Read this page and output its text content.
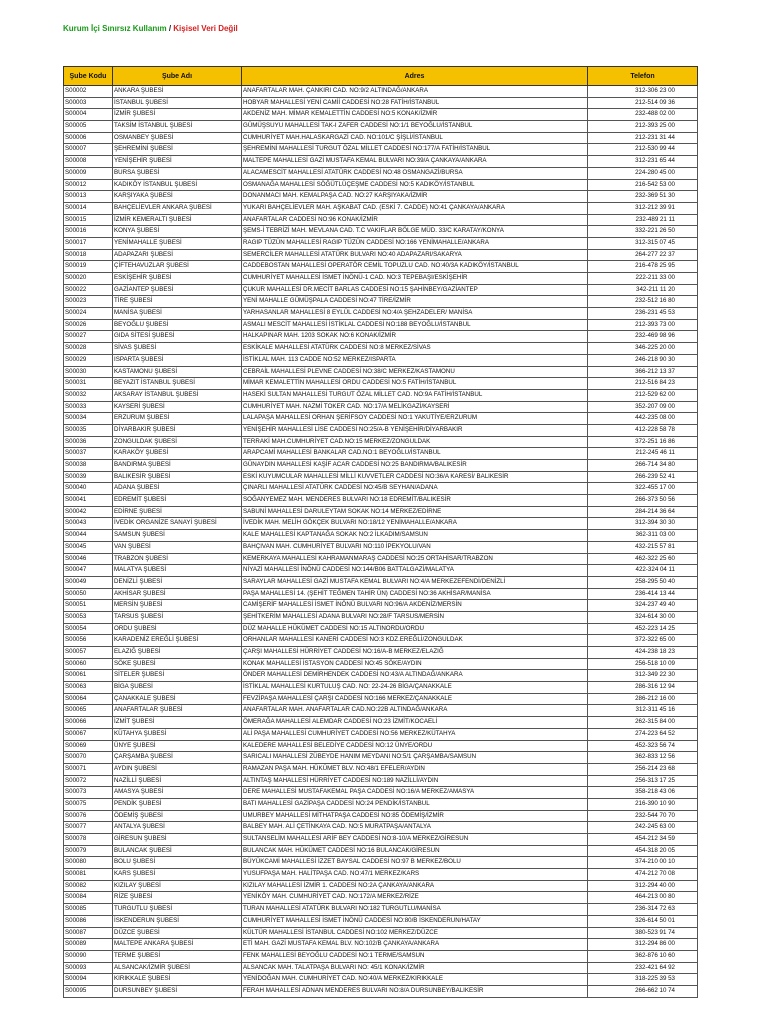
Kurum İçi Sınırsız Kullanım / Kişisel Veri Değil
Şube Kodu	Şube Adı	Adres	Telefon
S00002	ANKARA ŞUBESİ	ANAFARTALAR MAH. ÇANKIRI CAD. NO:9/2 ALTINDAĞ/ANKARA	312-306 23 00
S00003	İSTANBUL ŞUBESİ	HOBYAR MAHALLESİ YENİ CAMİİ CADDESİ NO:28 FATİH/İSTANBUL	212-514 09 36
S00004	İZMİR ŞUBESİ	AKDENİZ MAH. MİMAR KEMALETTİN CADDESİ NO:5 KONAK/İZMİR	232-488 02 00
S00005	TAKSİM İSTANBUL ŞUBESİ	GÜMÜŞSUYU MAHALLESİ TAK-I ZAFER CADDESİ NO:1/1 BEYOĞLU/İSTANBUL	212-393 25 00
S00006	OSMANBEY ŞUBESİ	CUMHURİYET MAH.HALASKARGAZİ CAD. NO:101/C ŞİŞLİ/İSTANBUL	212-231 31 44
S00007	ŞEHREMİNİ ŞUBESİ	ŞEHREMİNİ MAHALLESİ TURGUT ÖZAL MİLLET CADDESİ NO:177/A FATİH/İSTANBUL	212-530 99 44
S00008	YENİŞEHİR ŞUBESİ	MALTEPE MAHALLESİ GAZİ MUSTAFA KEMAL BULVARI NO:39/A ÇANKAYA/ANKARA	312-231 65 44
S00009	BURSA ŞUBESİ	ALACAMESCİT MAHALLESİ ATATÜRK CADDESİ NO:48 OSMANGAZİ/BURSA	224-280 45 00
S00012	KADIKÖY İSTANBUL ŞUBESİ	OSMANAĞA MAHALLESİ SÖĞÜTLÜÇEŞME CADDESİ NO:5 KADIKÖY/İSTANBUL	216-542 53 00
S00013	KARŞIYAKA ŞUBESİ	DONANMACI MAH. KEMALPAŞA CAD. NO:27 KARŞIYAKA/İZMİR	232-369 51 30
S00014	BAHÇELİEVLER ANKARA ŞUBESİ	YUKARI BAHÇELİEVLER MAH. AŞKABAT CAD. (ESKİ 7. CADDE) NO:41 ÇANKAYA/ANKARA	312-212 39 91
S00015	İZMİR KEMERALTI ŞUBESİ	ANAFARTALAR CADDESİ NO:96 KONAK/İZMİR	232-489 21 11
S00016	KONYA ŞUBESİ	ŞEMS-İ TEBRİZİ MAH. MEVLANA CAD. T.C VAKIFLAR BÖLGE MÜD. 33/C KARATAY/KONYA	332-221 26 50
S00017	YENİMAHALLE ŞUBESİ	RAGIP TÜZÜN MAHALLESİ RAGIP TÜZÜN CADDESİ NO:166 YENİMAHALLE/ANKARA	312-315 07 45
S00018	ADAPAZARI ŞUBESİ	SEMERCİLER MAHALLESİ ATATÜRK BULVARI NO:40 ADAPAZARI/SAKARYA	264-277 22 37
S00019	ÇİFTEHAVUZLAR ŞUBESİ	CADDEBOSTAN MAHALLESİ OPERATÖR CEMİL TOPUZLU CAD. NO:40/3A KADIKÖY/İSTANBUL	216-478 25 95
S00020	ESKİŞEHİR ŞUBESİ	CUMHURİYET MAHALLESİ İSMET İNÖNÜ-1 CAD. NO:3 TEPEBAŞI/ESKİŞEHİR	222-211 33 00
S00022	GAZİANTEP ŞUBESİ	ÇUKUR MAHALLESİ DR.MECİT BARLAS CADDESİ NO:15 ŞAHİNBEY/GAZİANTEP	342-211 11 20
S00023	TİRE ŞUBESİ	YENİ MAHALLE GÜMÜŞPALA CADDESİ NO:47 TİRE/İZMİR	232-512 16 80
S00024	MANİSA ŞUBESİ	YARHASANLAR MAHALLESİ 8 EYLÜL CADDESİ NO:4/A ŞEHZADELER/ MANİSA	236-231 45 53
S00026	BEYOĞLU ŞUBESİ	ASMALI MESCİT MAHALLESİ İSTİKLAL CADDESİ NO:188 BEYOĞLU/İSTANBUL	212-393 73 00
S00027	GIDA SİTESİ ŞUBESİ	HALKAPINAR MAH. 1203 SOKAK NO:6 KONAK/İZMİR	232-469 98 96
S00028	SİVAS ŞUBESİ	ESKİKALE MAHALLESİ ATATÜRK CADDESİ NO:8 MERKEZ/SİVAS	346-225 20 00
S00029	ISPARTA ŞUBESİ	İSTİKLAL MAH. 113 CADDE NO:52 MERKEZ/ISPARTA	246-218 90 30
S00030	KASTAMONU ŞUBESİ	CEBRAİL MAHALLESİ PLEVNE CADDESİ NO:38/C MERKEZ/KASTAMONU	366-212 13 37
S00031	BEYAZIT İSTANBUL ŞUBESİ	MİMAR KEMALETTİN MAHALLESİ ORDU CADDESİ NO:5 FATİH/İSTANBUL	212-516 84 23
S00032	AKSARAY İSTANBUL ŞUBESİ	HASEKİ SULTAN MAHALLESİ TURGUT ÖZAL MİLLET CAD. NO:9A FATİH/İSTANBUL	212-529 62 00
S00033	KAYSERİ ŞUBESİ	CUMHURİYET MAH. NAZMİ TOKER CAD. NO:17/A MELİKGAZİ/KAYSERİ	352-207 09 00
S00034	ERZURUM ŞUBESİ	LALAPAŞA MAHALLESİ ORHAN ŞERİFSOY CADDESİ NO:1 YAKUTİYE/ERZURUM	442-235 08 00
S00035	DİYARBAKIR ŞUBESİ	YENİŞEHİR MAHALLESİ LİSE CADDESİ NO:25/A-B YENİŞEHİR/DİYARBAKIR	412-228 58 78
S00036	ZONGULDAK ŞUBESİ	TERRAKİ MAH.CUMHURİYET CAD.NO:15 MERKEZ/ZONGULDAK	372-251 16 86
S00037	KARAKÖY ŞUBESİ	ARAPCAMİ MAHALLESİ BANKALAR CAD.NO:1 BEYOĞLU/İSTANBUL	212-245 46 11
S00038	BANDIRMA ŞUBESİ	GÜNAYDIN MAHALLESİ KAŞİF ACAR CADDESİ NO:25 BANDIRMA/BALIKESİR	266-714 34 80
S00039	BALIKESİR ŞUBESİ	ESKİ KUYUMCULAR MAHALLESİ MİLLİ KUVVETLER CADDESİ NO:36/A KARESİ/ BALIKESİR	266-239 52 41
S00040	ADANA ŞUBESİ	ÇINARLI MAHALLESİ ATATÜRK CADDESİ NO:45/B SEYHAN/ADANA	322-455 17 00
S00041	EDREMİT ŞUBESİ	SOĞANYEMEZ MAH. MENDERES BULVARI NO:18 EDREMİT/BALIKESİR	266-373 50 56
S00042	EDİRNE ŞUBESİ	SABUNİ MAHALLESİ DARULEYTAM SOKAK NO:14 MERKEZ/EDİRNE	284-214 36 64
S00043	İVEDİK ORGANİZE SANAYİ ŞUBESİ	İVEDİK MAH. MELİH GÖKÇEK BULVARI NO:18/12 YENİMAHALLE/ANKARA	312-394 30 30
S00044	SAMSUN ŞUBESİ	KALE MAHALLESİ KAPTANAĞA SOKAK NO:2 İLKADIM/SAMSUN	362-311 03 00
S00045	VAN ŞUBESİ	BAHÇIVAN MAH. CUMHURİYET BULVARI NO:110 İPEKYOLU/VAN	432-215 57 81
S00046	TRABZON ŞUBESİ	KEMERKAYA MAHALLESİ KAHRAMANMARAŞ CADDESİ NO:25 ORTAHİSAR/TRABZON	462-322 25 60
S00047	MALATYA ŞUBESİ	NİYAZİ MAHALLESİ İNÖNÜ CADDESİ NO:144/B06 BATTALGAZİ/MALATYA	422-324 04 11
S00049	DENİZLİ ŞUBESİ	SARAYLAR MAHALLESİ GAZİ MUSTAFA KEMAL BULVARI NO:4/A MERKEZEFENDİ/DENİZLİ	258-295 50 40
S00050	AKHİSAR ŞUBESİ	PAŞA MAHALLESİ 14. (ŞEHİT TEĞMEN TAHİR ÜN) CADDESİ NO:36 AKHİSAR/MANİSA	236-414 13 44
S00051	MERSİN ŞUBESİ	CAMİŞERİF MAHALLESİ İSMET İNÖNÜ BULVARI NO:96/A AKDENİZ/MERSİN	324-237 49 40
S00053	TARSUS ŞUBESİ	ŞEHİTKERİM MAHALLESİ ADANA BULVARI NO:28/F TARSUS/MERSİN	324-614 30 00
S00054	ORDU ŞUBESİ	DÜZ MAHALLE HÜKÜMET CADDESİ NO:15 ALTINORDU/ORDU	452-223 14 25
S00056	KARADENİZ EREĞLİ ŞUBESİ	ORHANLAR MAHALLESİ KANERİ CADDESİ NO:3 KDZ.EREĞLİ/ZONGULDAK	372-322 65 00
S00057	ELAZIĞ ŞUBESİ	ÇARŞI MAHALLESİ HÜRRİYET CADDESİ NO:16/A-B MERKEZ/ELAZIĞ	424-238 18 23
S00060	SÖKE ŞUBESİ	KONAK MAHALLESİ İSTASYON CADDESİ NO:45 SÖKE/AYDIN	256-518 10 09
S00061	SİTELER ŞUBESİ	ÖNDER MAHALLESİ DEMİRHENDEK CADDESİ NO:43/A ALTINDAĞ/ANKARA	312-349 22 30
S00063	BİGA ŞUBESİ	İSTİKLAL MAHALLESİ KURTULUŞ CAD. NO: 22-24-26 BİGA/ÇANAKKALE	286-316 12 94
S00064	ÇANAKKALE ŞUBESİ	FEVZİPAŞA MAHALLESİ ÇARŞI CADDESİ NO:166 MERKEZ/ÇANAKKALE	286-212 16 00
S00065	ANAFARTALAR ŞUBESİ	ANAFARTALAR MAH. ANAFARTALAR CAD.NO:22B ALTINDAĞ/ANKARA	312-311 45 16
S00066	İZMİT ŞUBESİ	ÖMERAĞA MAHALLESİ ALEMDAR CADDESİ NO:23 İZMİT/KOCAELİ	262-315 84 00
S00067	KÜTAHYA ŞUBESİ	ALİ PAŞA MAHALLESİ CUMHURİYET CADDESİ NO:56 MERKEZ/KÜTAHYA	274-223 64 52
S00069	ÜNYE ŞUBESİ	KALEDERE MAHALLESİ BELEDİYE CADDESİ NO:12 ÜNYE/ORDU	452-323 56 74
S00070	ÇARŞAMBA ŞUBESİ	SARICALI MAHALLESİ ZÜBEYDE HANIM MEYDANI NO:5/1 ÇARŞAMBA/SAMSUN	362-833 12 56
S00071	AYDIN ŞUBESİ	RAMAZAN PAŞA MAH. HÜKÜMET BLV. NO:48/1 EFELER/AYDIN	256-214 23 68
S00072	NAZİLLİ ŞUBESİ	ALTINTAŞ MAHALLESİ HÜRRİYET CADDESİ NO:189 NAZİLLİ/AYDIN	256-313 17 25
S00073	AMASYA ŞUBESİ	DERE MAHALLESİ MUSTAFAKEMAL PAŞA CADDESİ NO:16/A MERKEZ/AMASYA	358-218 43 06
S00075	PENDİK ŞUBESİ	BATI MAHALLESİ GAZİPAŞA CADDESİ NO:24 PENDİK/İSTANBUL	216-390 10 90
S00076	ÖDEMİŞ ŞUBESİ	UMURBEY MAHALLESİ MİTHATPAŞA CADDESİ NO:85 ÖDEMİŞ/İZMİR	232-544 70 70
S00077	ANTALYA ŞUBESİ	BALBEY MAH. ALİ ÇETİNKAYA CAD. NO:5 MURATPAŞA/ANTALYA	242-245 63 00
S00078	GİRESUN ŞUBESİ	SULTANSELİM MAHALLESİ ARİF BEY CADDESİ NO:8-10/A MERKEZ/GİRESUN	454-212 34 59
S00079	BULANCAK ŞUBESİ	BULANCAK MAH. HÜKÜMET CADDESİ NO:16 BULANCAK/GİRESUN	454-318 20 05
S00080	BOLU ŞUBESİ	BÜYÜKCAMİ MAHALLESİ İZZET BAYSAL CADDESİ NO:97 B MERKEZ/BOLU	374-210 00 10
S00081	KARS ŞUBESİ	YUSUFPAŞA MAH. HALİTPAŞA CAD. NO:47/1 MERKEZ/KARS	474-212 70 08
S00082	KIZILAY ŞUBESİ	KIZILAY MAHALLESİ İZMİR 1. CADDESİ NO:2A ÇANKAYA/ANKARA	312-294 40 00
S00084	RİZE ŞUBESİ	YENİKÖY MAH. CUMHURİYET CAD. NO:172/A MERKEZ/RİZE	464-213 00 80
S00085	TURGUTLU ŞUBESİ	TURAN MAHALLESİ ATATÜRK BULVARI NO:182 TURGUTLU/MANİSA	236-314 72 63
S00086	İSKENDERUN ŞUBESİ	CUMHURİYET MAHALLESİ İSMET İNÖNÜ CADDESİ NO:80/B İSKENDERUN/HATAY	326-614 50 01
S00087	DÜZCE ŞUBESİ	KÜLTÜR MAHALLESİ İSTANBUL CADDESİ NO:102 MERKEZ/DÜZCE	380-523 91 74
S00089	MALTEPE ANKARA ŞUBESİ	ETİ MAH. GAZİ MUSTAFA KEMAL BLV. NO:102/B ÇANKAYA/ANKARA	312-294 86 00
S00090	TERME ŞUBESİ	FENK MAHALLESİ BEYOĞLU CADDESİ NO:1 TERME/SAMSUN	362-876 10 60
S00093	ALSANCAK/İZMİR ŞUBESİ	ALSANCAK MAH. TALATPAŞA BULVARI NO: 45/1 KONAK/İZMİR	232-421 64 92
S00094	KIRIKKALE ŞUBESİ	YENİDOĞAN MAH. CUMHURİYET CAD. NO:40/A MERKEZ/KIRIKKALE	318-225 39 53
S00095	DURSUNBEY ŞUBESİ	FERAH MAHALLESİ ADNAN MENDERES BULVARI NO:8/A DURSUNBEY/BALIKESİR	266-662 10 74
